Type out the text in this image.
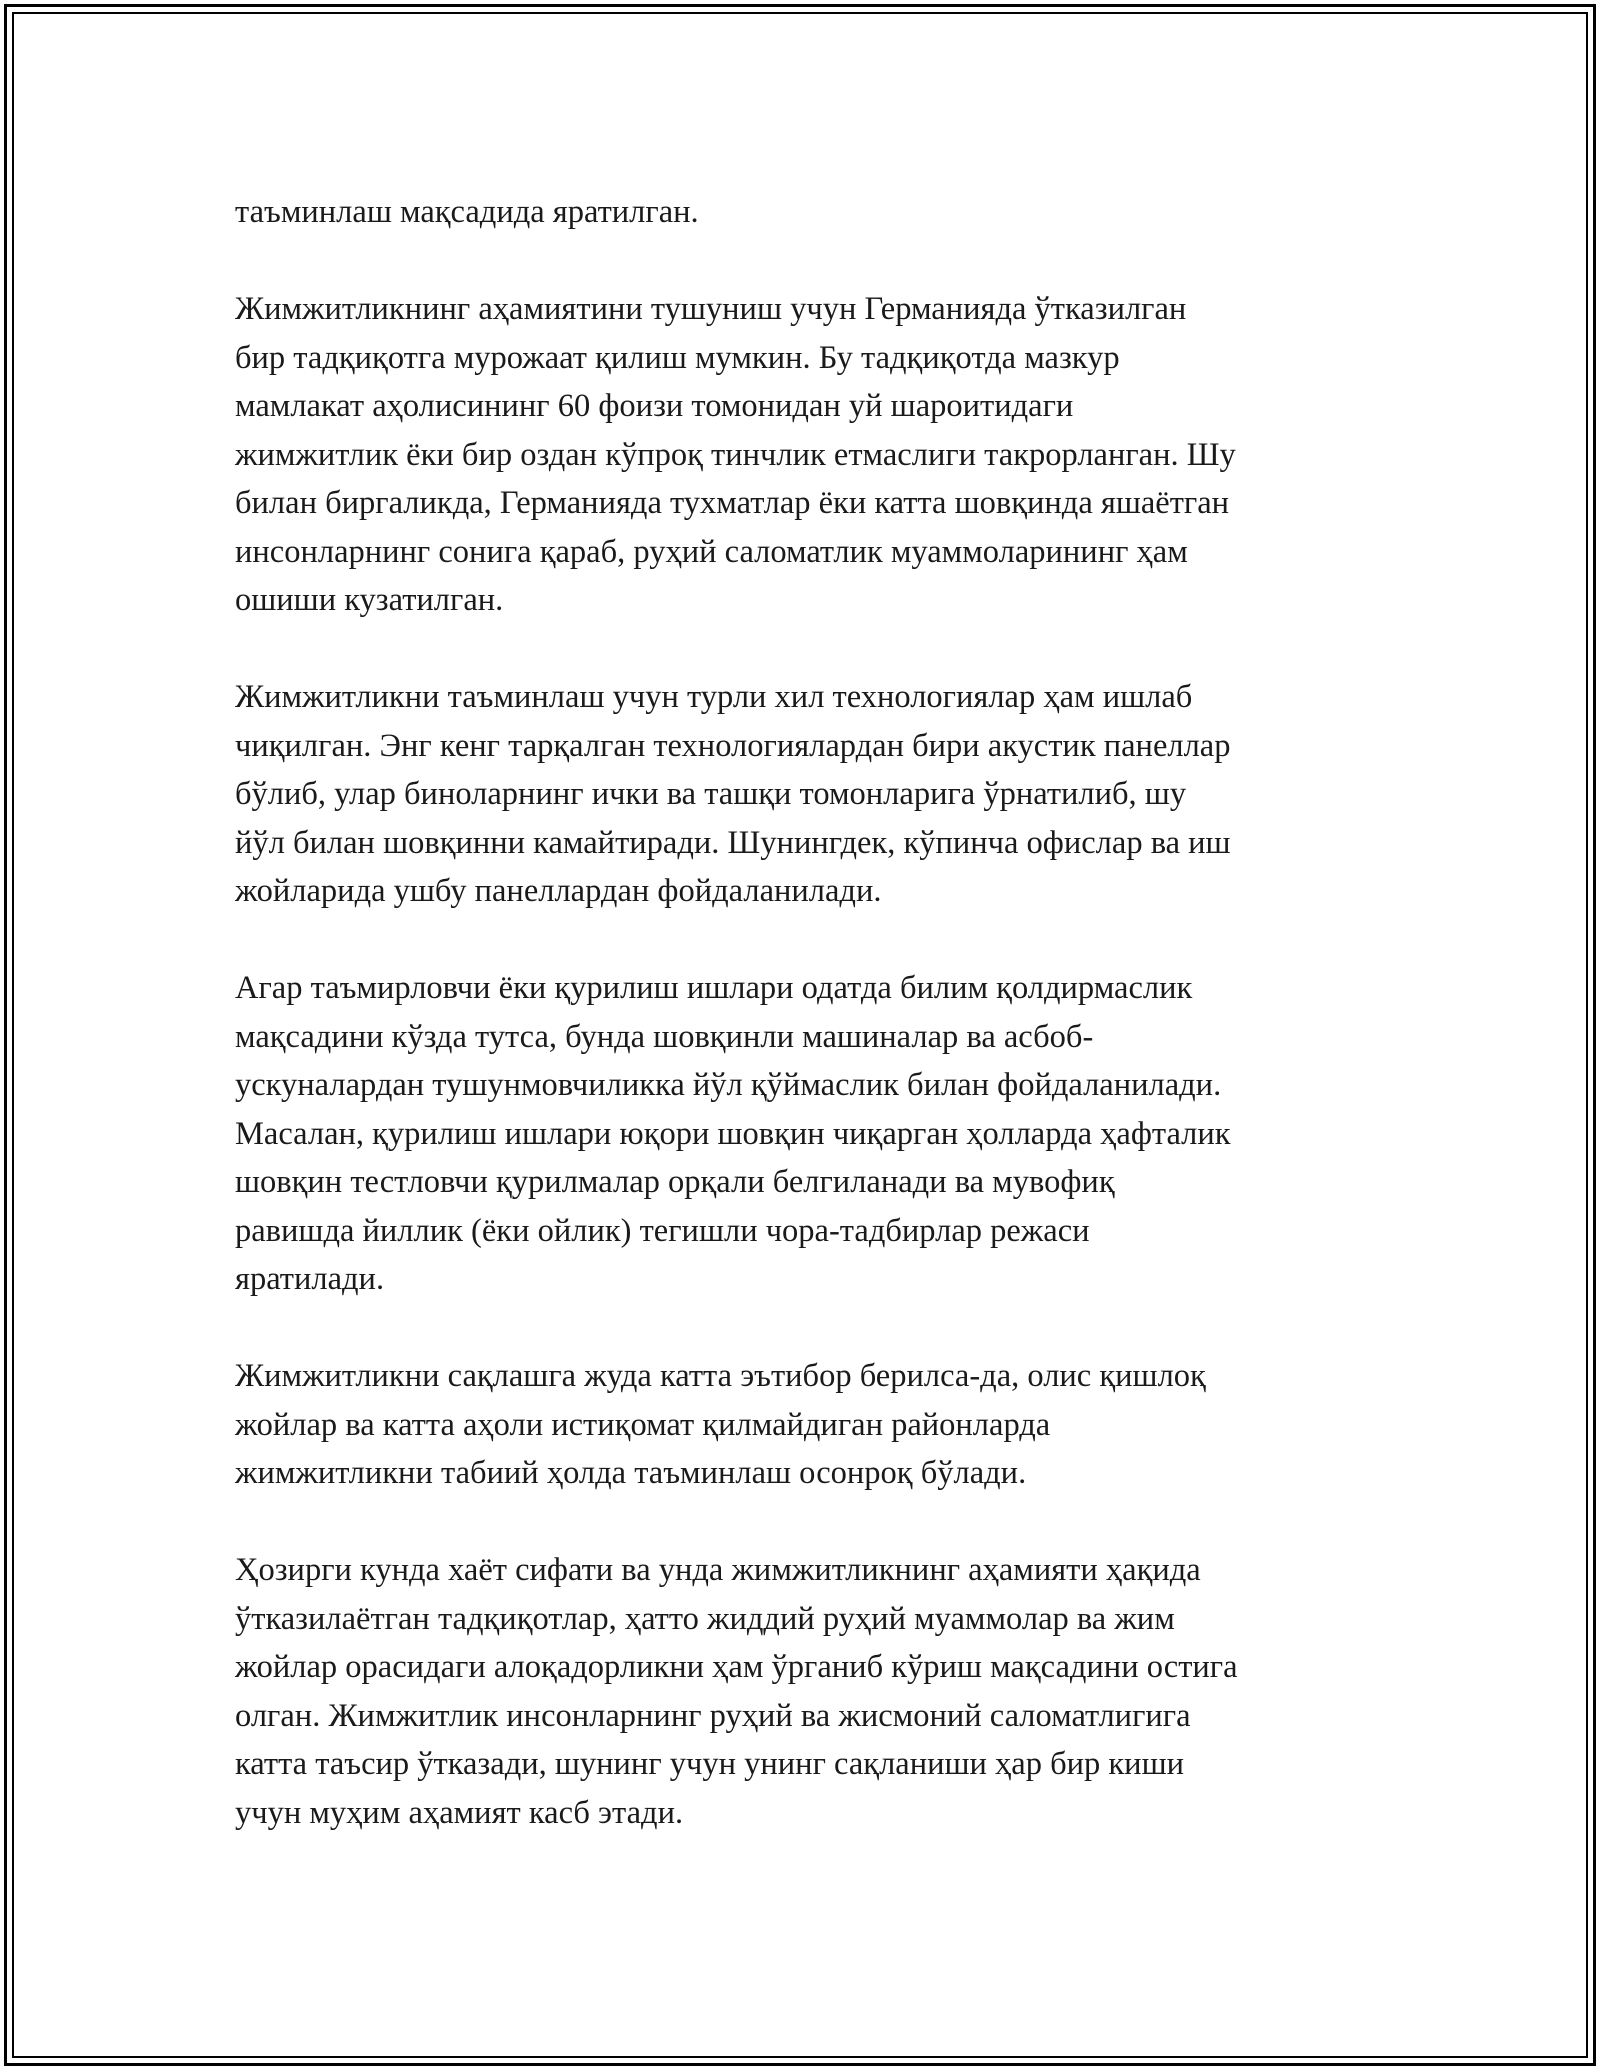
таъминлаш мақсадида яратилган.

Жимжитликнинг аҳамиятини тушуниш учун Германияда ўтказилган
бир тадқиқотга мурожаат қилиш мумкин. Бу тадқиқотда мазкур
мамлакат аҳолисининг 60 фоизи томонидан уй шароитидаги
жимжитлик ёки бир оздан кўпроқ тинчлик етмаслиги такрорланган. Шу
билан биргаликда, Германияда тухматлар ёки катта шовқинда яшаётган
инсонларнинг сонига қараб, руҳий саломатлик муаммоларининг ҳам
ошиши кузатилган.

Жимжитликни таъминлаш учун турли хил технологиялар ҳам ишлаб
чиқилган. Энг кенг тарқалган технологиялардан бири акустик панеллар
бўлиб, улар биноларнинг ички ва ташқи томонларига ўрнатилиб, шу
йўл билан шовқинни камайтиради. Шунингдек, кўпинча офислар ва иш
жойларида ушбу панеллардан фойдаланилади.

Агар таъмирловчи ёки қурилиш ишлари одатда билим қолдирмаслик
мақсадини кўзда тутса, бунда шовқинли машиналар ва асбоб-
ускуналардан тушунмовчиликка йўл қўймаслик билан фойдаланилади.
Масалан, қурилиш ишлари юқори шовқин чиқарган ҳолларда ҳафталик
шовқин тестловчи қурилмалар орқали белгиланади ва мувофиқ
равишда йиллик (ёки ойлик) тегишли чора-тадбирлар режаси
яратилади.

Жимжитликни сақлашга жуда катта эътибор берилса-да, олис қишлоқ
жойлар ва катта аҳоли истиқомат қилмайдиган районларда
жимжитликни табиий ҳолда таъминлаш осонроқ бўлади.

Ҳозирги кунда хаёт сифати ва унда жимжитликнинг аҳамияти ҳақида
ўтказилаётган тадқиқотлар, ҳатто жиддий руҳий муаммолар ва жим
жойлар орасидаги алоқадорликни ҳам ўрганиб кўриш мақсадини остига
олган. Жимжитлик инсонларнинг руҳий ва жисмоний саломатлигига
катта таъсир ўтказади, шунинг учун унинг сақланиши ҳар бир киши
учун муҳим аҳамият касб этади.
